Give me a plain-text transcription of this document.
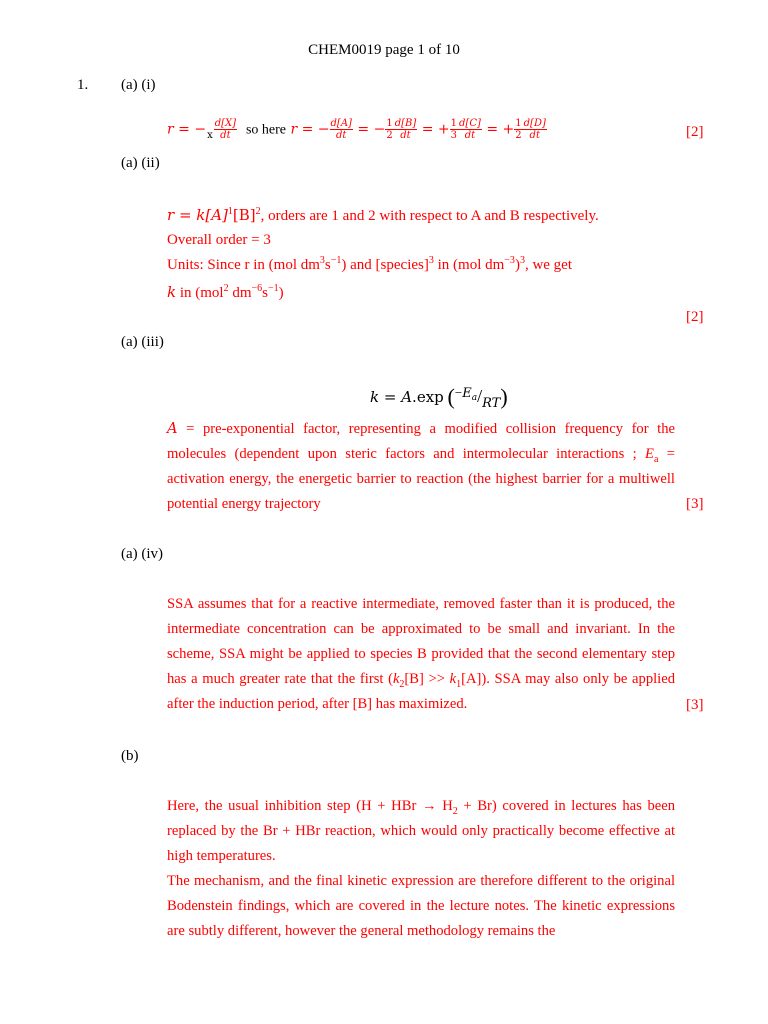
CHEM0019 page 1 of 10
1. (a) (i)
r = −
x $\frac{d[X]}{dt}$ so here r = − $\frac{d[A]}{dt}$ = − $\frac{1}{2} \frac{d[B]}{dt}$ = + $\frac{1}{3} \frac{d[C]}{dt}$ = + $\frac{1}{2} \frac{d[D]}{dt}$	[2]
(a) (ii)
$r = k[A]^1[B]^2$, orders are 1 and 2 with respect to A and B respectively.
Overall order = 3
Units: Since r in (mol $dm^3s^{-1}$) and [species]$^3$ in (mol $dm^{-3})^3$, we get
k in (mol$^2$ $dm^{-6}s^{-1}$)
[2]
(a) (iii)
k = A.exp (−Ea/RT)

A = pre-exponential factor, representing a modified collision frequency for the molecules (dependent upon steric factors and intermolecular interactions ; $E_a$ = activation energy, the energetic barrier to reaction (the highest barrier for a multiwell potential energy trajectory	[3]
(a) (iv)

SSA assumes that for a reactive intermediate, removed faster than it is produced, the intermediate concentration can be approximated to be small and invariant. In the scheme, SSA might be applied to species B provided that the second elementary step has a much greater rate that the first $(k_2[B] >> k_1[A])$. SSA may also only be applied after the induction period, after [B] has maximized.	[3]
(b)

Here, the usual inhibition step (H + HBr → $H_2 + Br$) covered in lectures has been replaced by the Br + HBr reaction, which would only practically become effective at high temperatures.

The mechanism, and the final kinetic expression are therefore different to the original Bodenstein findings, which are covered in the lecture notes. The kinetic expressions are subtly different, however the general methodology remains the
